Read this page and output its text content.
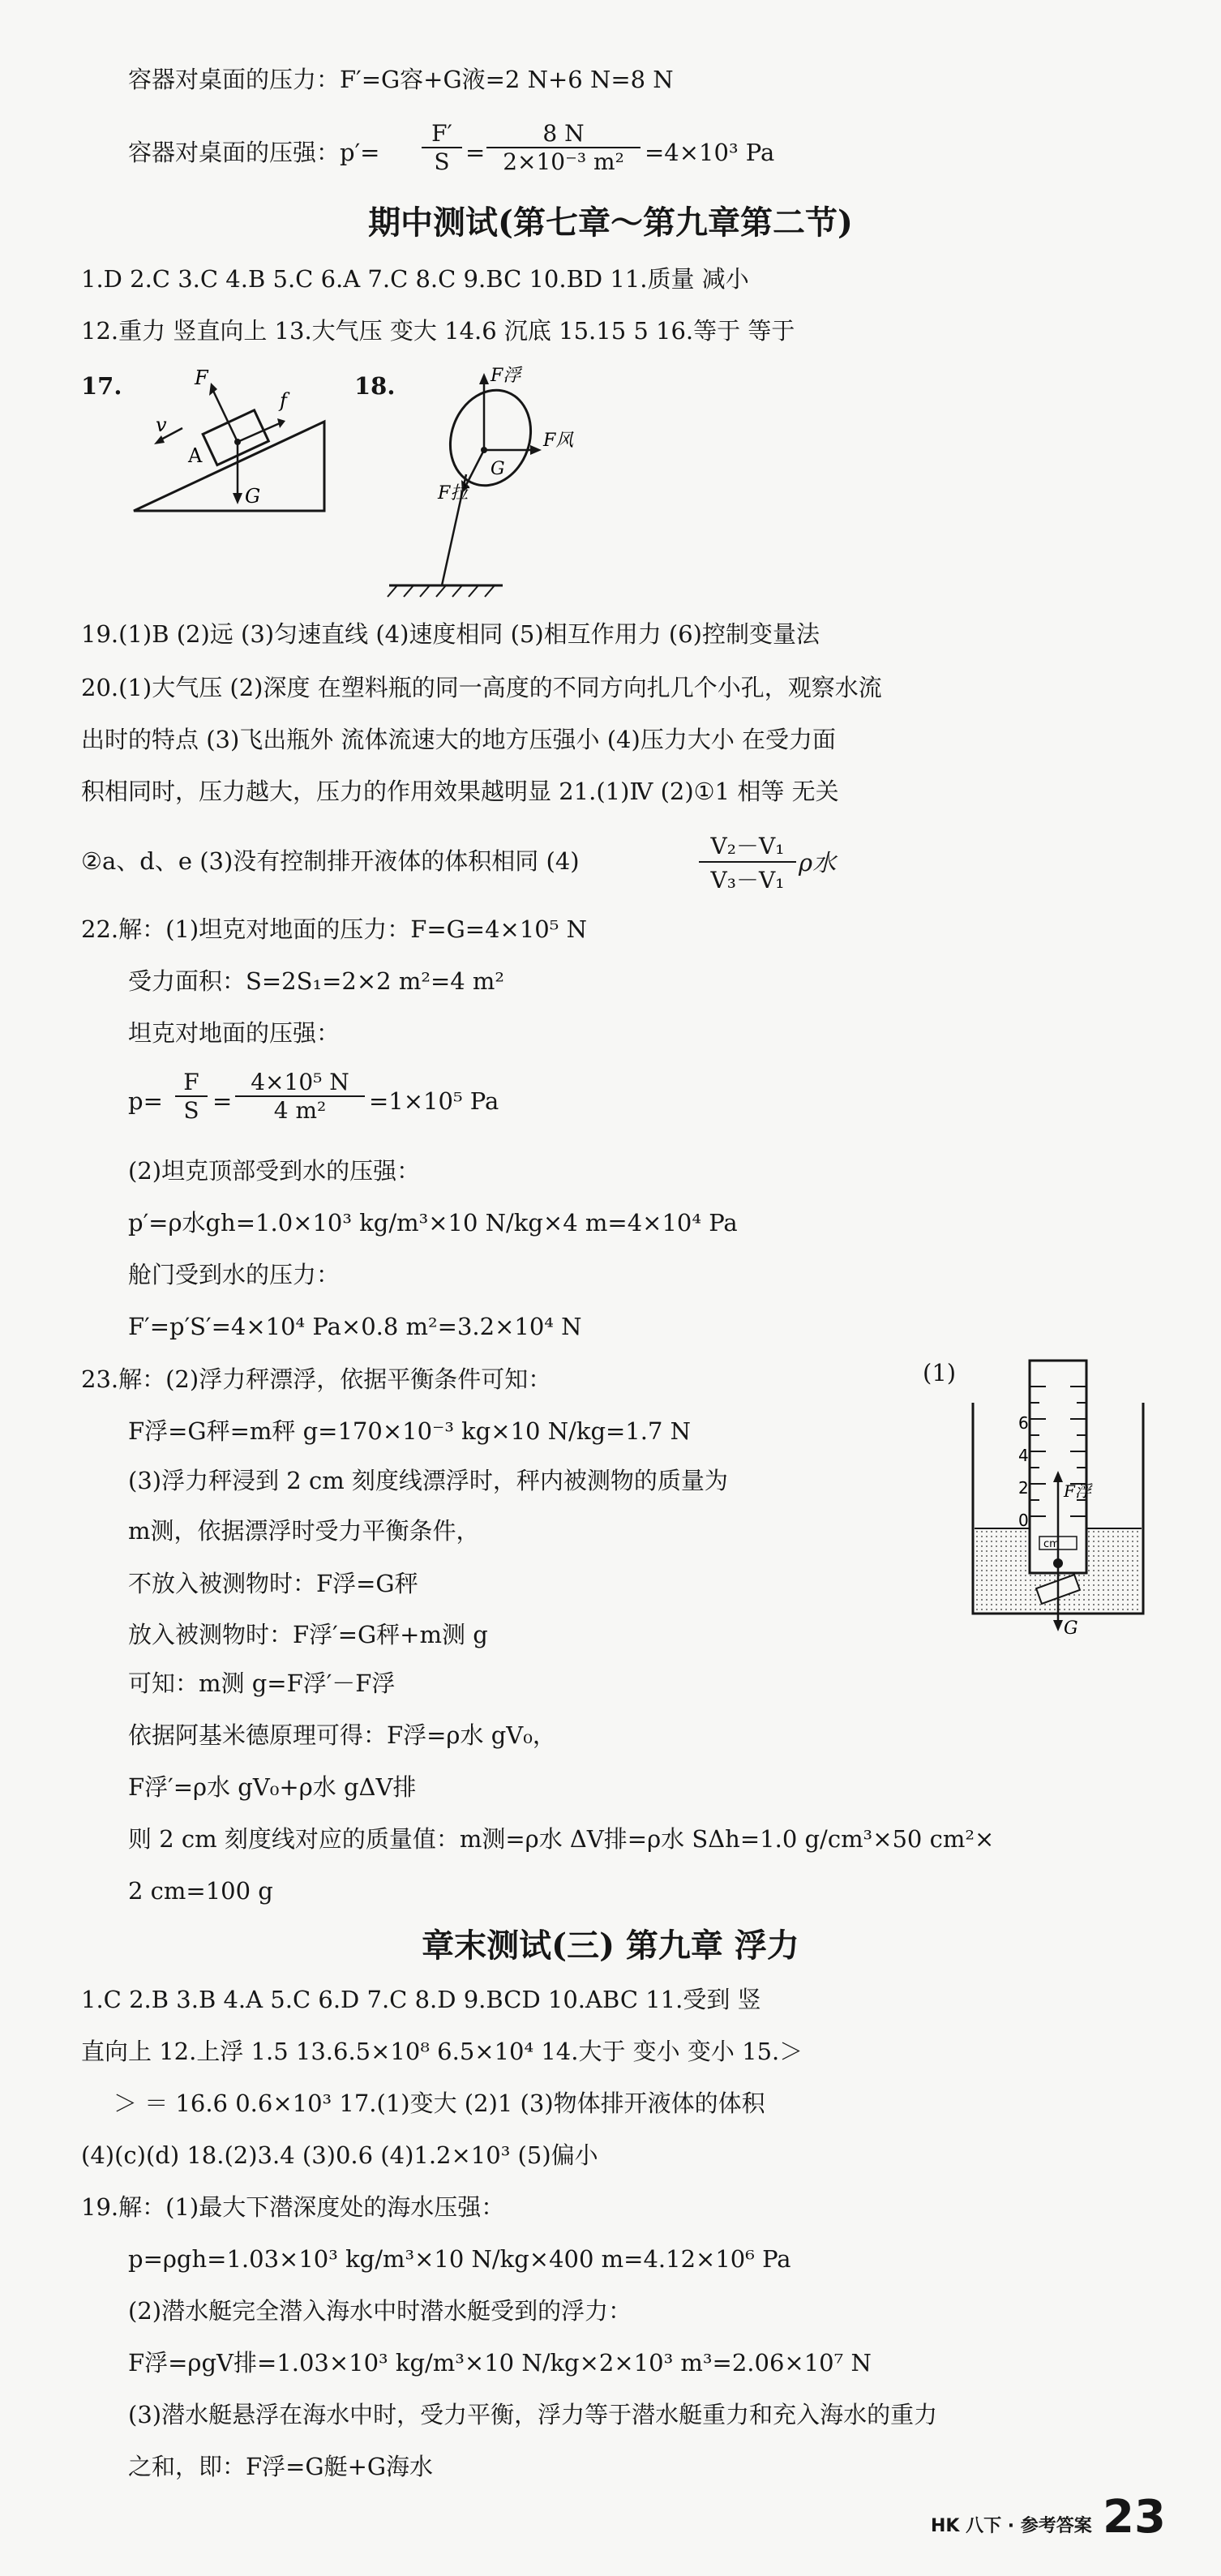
容器对桌面的压力：F′=G容+G液=2 N+6 N=8 N
容器对桌面的压强：$p'= \frac{F'}{S} = \frac{8 N}{\text{2×10⁻³ m²}} =4\times 10^3$ Pa
期中测试(第七章～第九章第二节)
1.D 2.C 3.C 4.B 5.C 6.A 7.C 8.C 9.BC 10.BD 11.质量 减小
12.重力 竖直向上 13.大气压 变大 14.6 沉底 15.15 5 16.等于 等于
17.	F
f
v
A
G
18.	F浮
F风
F拉
G
19.(1)B (2)远 (3)匀速直线 (4)速度相同 (5)相互作用力 (6)控制变量法
20.(1)大气压 (2)深度 在塑料瓶的同一高度的不同方向扎几个小孔，观察水流
出时的特点 (3)飞出瓶外 流体流速大的地方压强小 (4)压力大小 在受力面
积相同时，压力越大，压力的作用效果越明显 21.(1)Ⅳ (2)①1 相等 无关
②a、d、e (3)没有控制排开液体的体积相同 (4)	$\frac{\text{V₂－V₁}}{\text{V₃－V₁}}$ ρ水
22.解：(1)坦克对地面的压力：F=G=4×10⁵ N
受力面积：S=2S₁=2×2 m²=4 m²
坦克对地面的压强：
$p= \frac{F}{S} = \frac{\text{4×10⁵ N}}{\text{4 m²}} =1\times 10^5$ Pa
(2)坦克顶部受到水的压强：
p′=ρ水gh=1.0×10³ kg/m³×10 N/kg×4 m=4×10⁴ Pa
舱门受到水的压力：
F′=p′S′=4×10⁴ Pa×0.8 m²=3.2×10⁴ N
23.解：(2)浮力秤漂浮，依据平衡条件可知：
F浮=G秤=m秤 g=170×10⁻³ kg×10 N/kg=1.7 N
(3)浮力秤浸到 2 cm 刻度线漂浮时，秤内被测物的质量为
m测，依据漂浮时受力平衡条件，
不放入被测物时：F浮=G秤
放入被测物时：F浮′=G秤+m测 g
可知：m测 g=F浮′－F浮
依据阿基米德原理可得：F浮=ρ水 gV₀，
F浮′=ρ水 gV₀+ρ水 gΔV排
则 2 cm 刻度线对应的质量值：m测=ρ水 ΔV排=ρ水 SΔh=1.0 g/cm³×50 cm²×
2 cm=100 g
(1)
6
4
2
0
cm
F浮
G
章末测试(三) 第九章 浮力
1.C 2.B 3.B 4.A 5.C 6.D 7.C 8.D 9.BCD 10.ABC 11.受到 竖
直向上 12.上浮 1.5 13.6.5×10⁸ 6.5×10⁴ 14.大于 变小 变小 15.＞
＞ ＝ 16.6 0.6×10³ 17.(1)变大 (2)1 (3)物体排开液体的体积
(4)(c)(d) 18.(2)3.4 (3)0.6 (4)1.2×10³ (5)偏小
19.解：(1)最大下潜深度处的海水压强：
p=ρgh=1.03×10³ kg/m³×10 N/kg×400 m=4.12×10⁶ Pa
(2)潜水艇完全潜入海水中时潜水艇受到的浮力：
F浮=ρgV排=1.03×10³ kg/m³×10 N/kg×2×10³ m³=2.06×10⁷ N
(3)潜水艇悬浮在海水中时，受力平衡，浮力等于潜水艇重力和充入海水的重力
之和，即：F浮=G艇+G海水
HK 八下 · 参考答案 23
